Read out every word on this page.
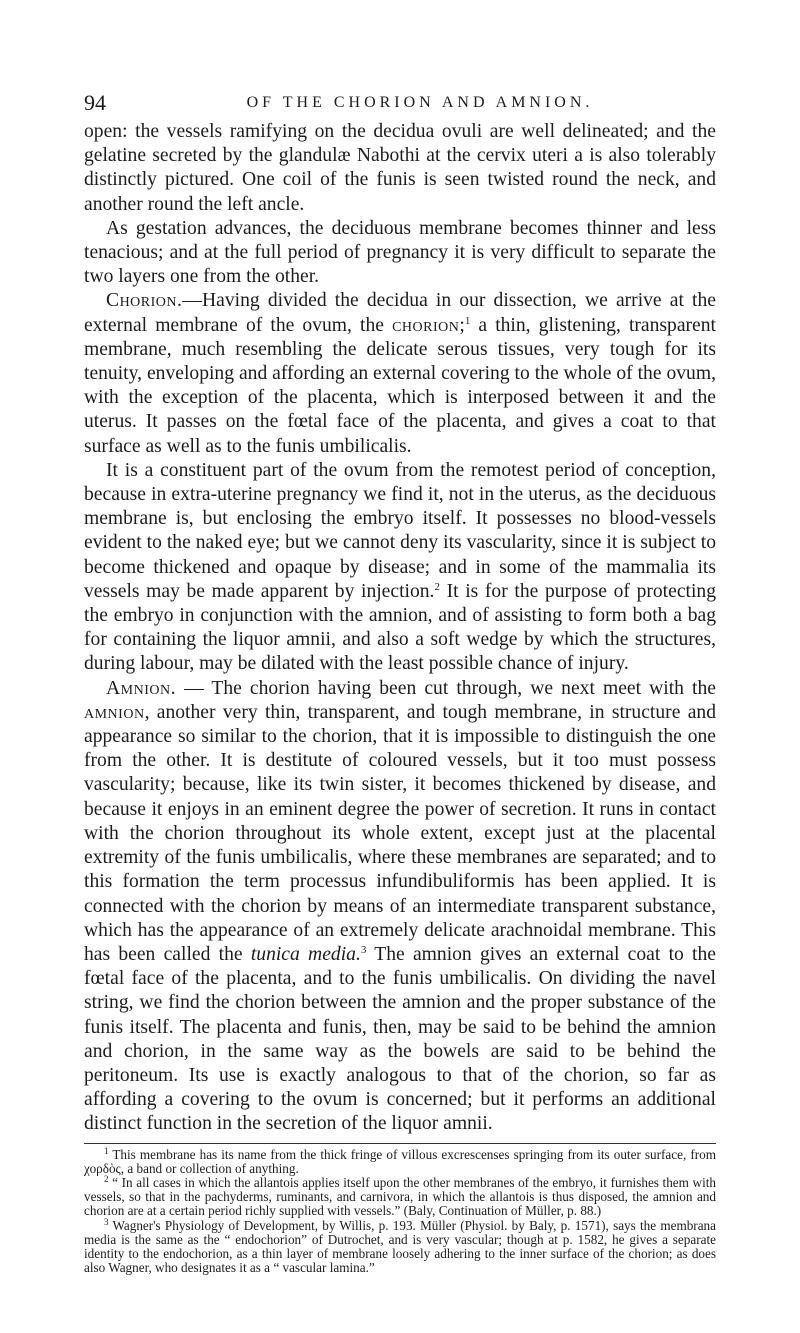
94	OF THE CHORION AND AMNION.

open: the vessels ramifying on the decidua ovuli are well delineated; and the gelatine secreted by the glandulæ Nabothi at the cervix uteri a is also tolerably distinctly pictured. One coil of the funis is seen twisted round the neck, and another round the left ancle.

As gestation advances, the deciduous membrane becomes thinner and less tenacious; and at the full period of pregnancy it is very difficult to separate the two layers one from the other.

Chorion.—Having divided the decidua in our dissection, we arrive at the external membrane of the ovum, the chorion;$^1$ a thin, glistening, transparent membrane, much resembling the delicate serous tissues, very tough for its tenuity, enveloping and affording an external covering to the whole of the ovum, with the exception of the placenta, which is interposed between it and the uterus. It passes on the fœtal face of the placenta, and gives a coat to that surface as well as to the funis umbilicalis.

It is a constituent part of the ovum from the remotest period of conception, because in extra-uterine pregnancy we find it, not in the uterus, as the deciduous membrane is, but enclosing the embryo itself. It possesses no blood-vessels evident to the naked eye; but we cannot deny its vascularity, since it is subject to become thickened and opaque by disease; and in some of the mammalia its vessels may be made apparent by injection.$^2$ It is for the purpose of protecting the embryo in conjunction with the amnion, and of assisting to form both a bag for containing the liquor amnii, and also a soft wedge by which the structures, during labour, may be dilated with the least possible chance of injury.

Amnion. — The chorion having been cut through, we next meet with the amnion, another very thin, transparent, and tough membrane, in structure and appearance so similar to the chorion, that it is impossible to distinguish the one from the other. It is destitute of coloured vessels, but it too must possess vascularity; because, like its twin sister, it becomes thickened by disease, and because it enjoys in an eminent degree the power of secretion. It runs in contact with the chorion throughout its whole extent, except just at the placental extremity of the funis umbilicalis, where these membranes are separated; and to this formation the term processus infundibuliformis has been applied. It is connected with the chorion by means of an intermediate transparent substance, which has the appearance of an extremely delicate arachnoidal membrane. This has been called the tunica media.$^3$ The amnion gives an external coat to the fœtal face of the placenta, and to the funis umbilicalis. On dividing the navel string, we find the chorion between the amnion and the proper substance of the funis itself. The placenta and funis, then, may be said to be behind the amnion and chorion, in the same way as the bowels are said to be behind the peritoneum. Its use is exactly analogous to that of the chorion, so far as affording a covering to the ovum is concerned; but it performs an additional distinct function in the secretion of the liquor amnii.

$^1$ This membrane has its name from the thick fringe of villous excrescenses springing from its outer surface, from χορδὸς, a band or collection of anything.

$^2$ “ In all cases in which the allantois applies itself upon the other membranes of the embryo, it furnishes them with vessels, so that in the pachyderms, ruminants, and carnivora, in which the allantois is thus disposed, the amnion and chorion are at a certain period richly supplied with vessels.” (Baly, Continuation of Müller, p. 88.)

$^3$ Wagner's Physiology of Development, by Willis, p. 193. Müller (Physiol. by Baly, p. 1571), says the membrana media is the same as the “ endochorion” of Dutrochet, and is very vascular; though at p. 1582, he gives a separate identity to the endochorion, as a thin layer of membrane loosely adhering to the inner surface of the chorion; as does also Wagner, who designates it as a “ vascular lamina.”
